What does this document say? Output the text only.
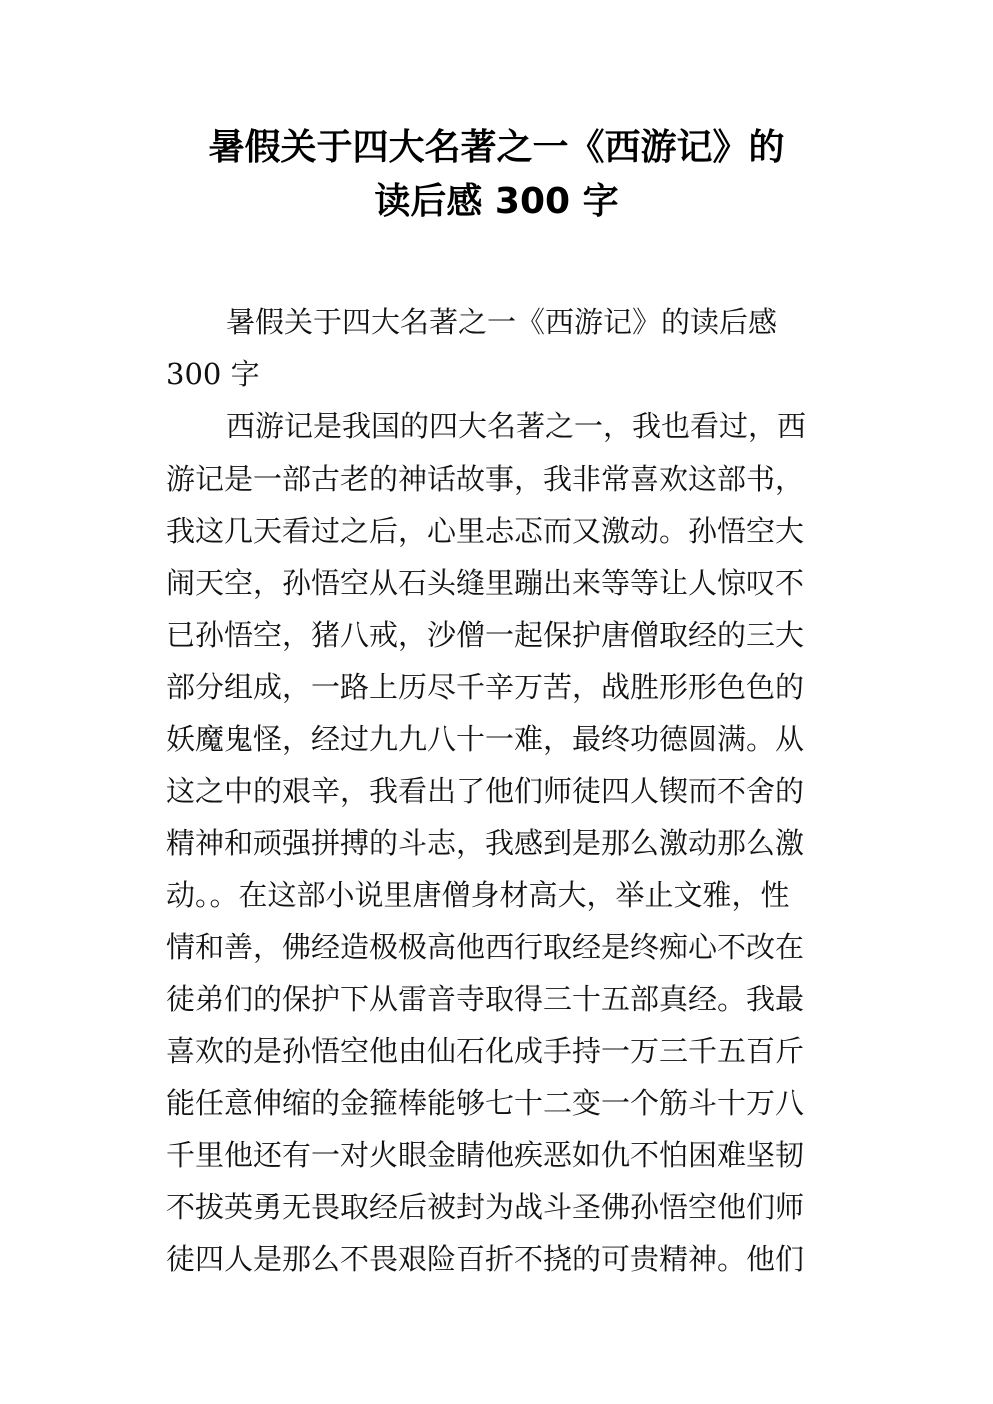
暑假关于四大名著之一《西游记》的
读后感 300 字
暑假关于四大名著之一《西游记》的读后感
300 字
西游记是我国的四大名著之一，我也看过，西
游记是一部古老的神话故事，我非常喜欢这部书，
我这几天看过之后，心里忐忑而又激动。孙悟空大
闹天空，孙悟空从石头缝里蹦出来等等让人惊叹不
已孙悟空，猪八戒，沙僧一起保护唐僧取经的三大
部分组成，一路上历尽千辛万苦，战胜形形色色的
妖魔鬼怪，经过九九八十一难，最终功德圆满。从
这之中的艰辛，我看出了他们师徒四人锲而不舍的
精神和顽强拼搏的斗志，我感到是那么激动那么激
动。。在这部小说里唐僧身材高大，举止文雅，性
情和善，佛经造极极高他西行取经是终痴心不改在
徒弟们的保护下从雷音寺取得三十五部真经。我最
喜欢的是孙悟空他由仙石化成手持一万三千五百斤
能任意伸缩的金箍棒能够七十二变一个筋斗十万八
千里他还有一对火眼金睛他疾恶如仇不怕困难坚韧
不拔英勇无畏取经后被封为战斗圣佛孙悟空他们师
徒四人是那么不畏艰险百折不挠的可贵精神。他们
